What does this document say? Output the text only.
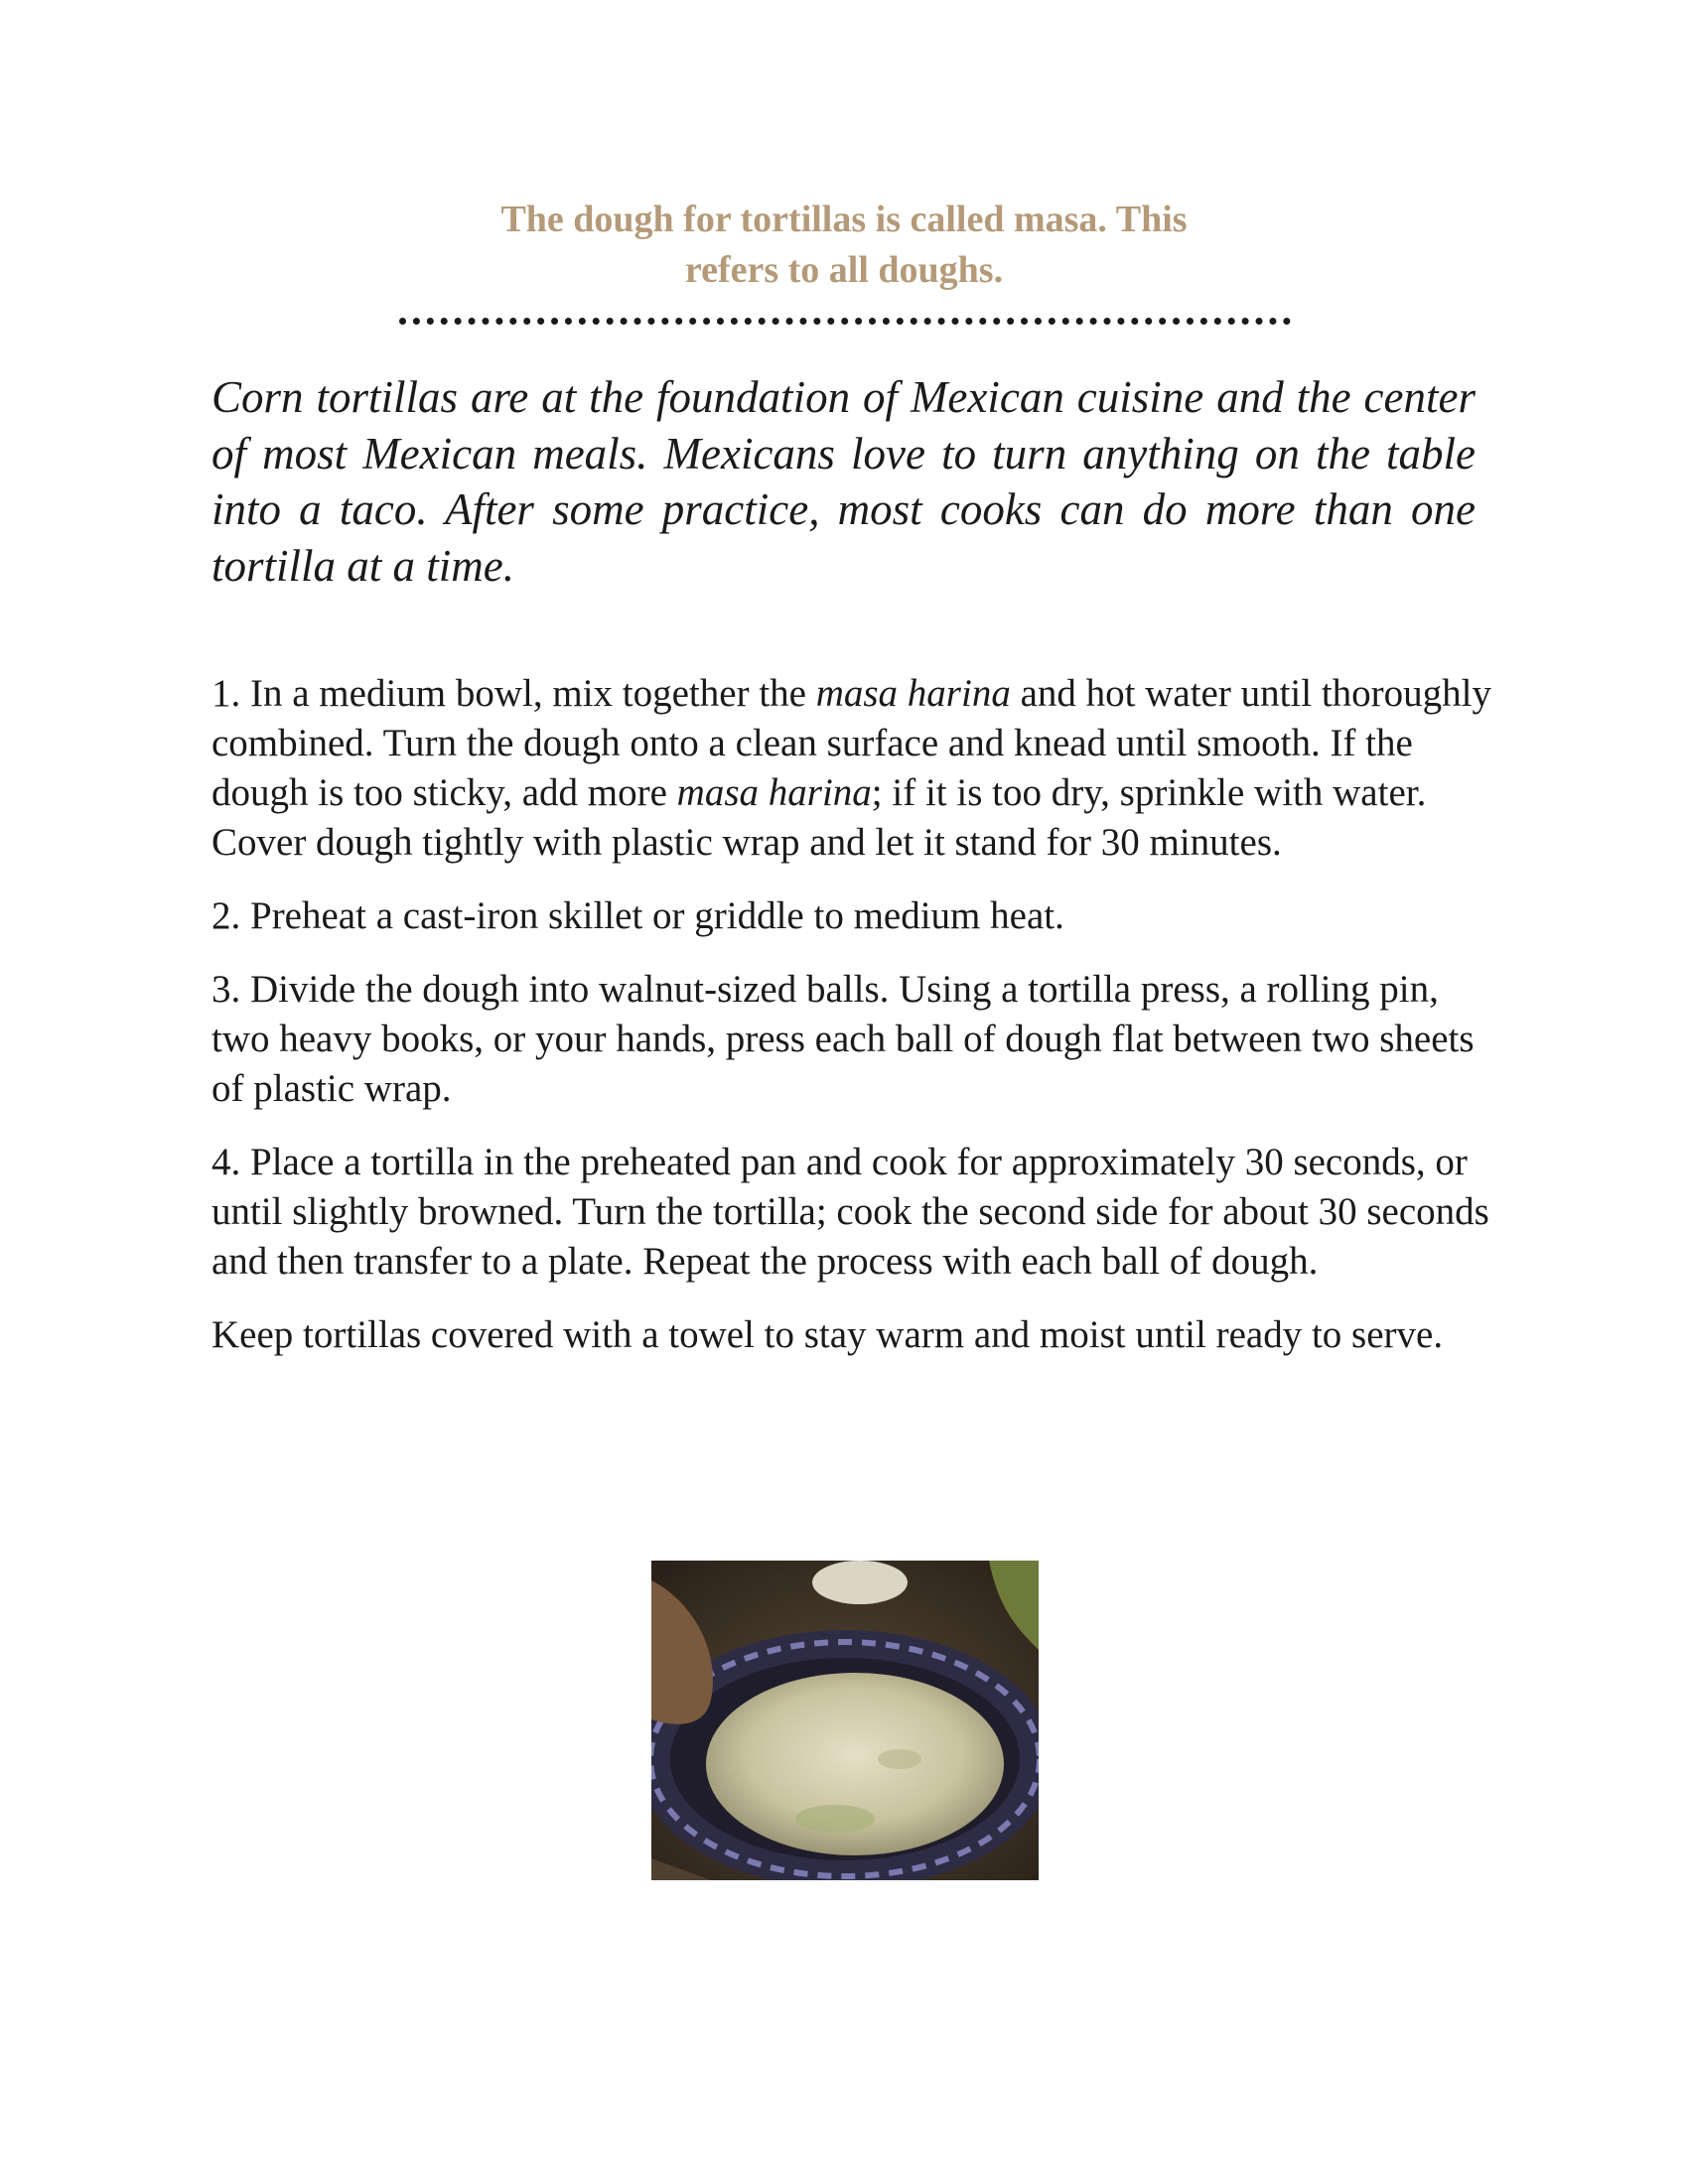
The dough for tortillas is called masa. This
refers to all doughs.

Corn tortillas are at the foundation of Mexican cuisine and the center of most Mexican meals. Mexicans love to turn anything on the table into a taco. After some practice, most cooks can do more than one tortilla at a time.

1. In a medium bowl, mix together the masa harina and hot water until thoroughly combined. Turn the dough onto a clean surface and knead until smooth. If the dough is too sticky, add more masa harina; if it is too dry, sprinkle with water. Cover dough tightly with plastic wrap and let it stand for 30 minutes.

2. Preheat a cast-iron skillet or griddle to medium heat.

3. Divide the dough into walnut-sized balls. Using a tortilla press, a rolling pin, two heavy books, or your hands, press each ball of dough flat between two sheets of plastic wrap.

4. Place a tortilla in the preheated pan and cook for approximately 30 seconds, or until slightly browned. Turn the tortilla; cook the second side for about 30 seconds and then transfer to a plate. Repeat the process with each ball of dough.

Keep tortillas covered with a towel to stay warm and moist until ready to serve.
